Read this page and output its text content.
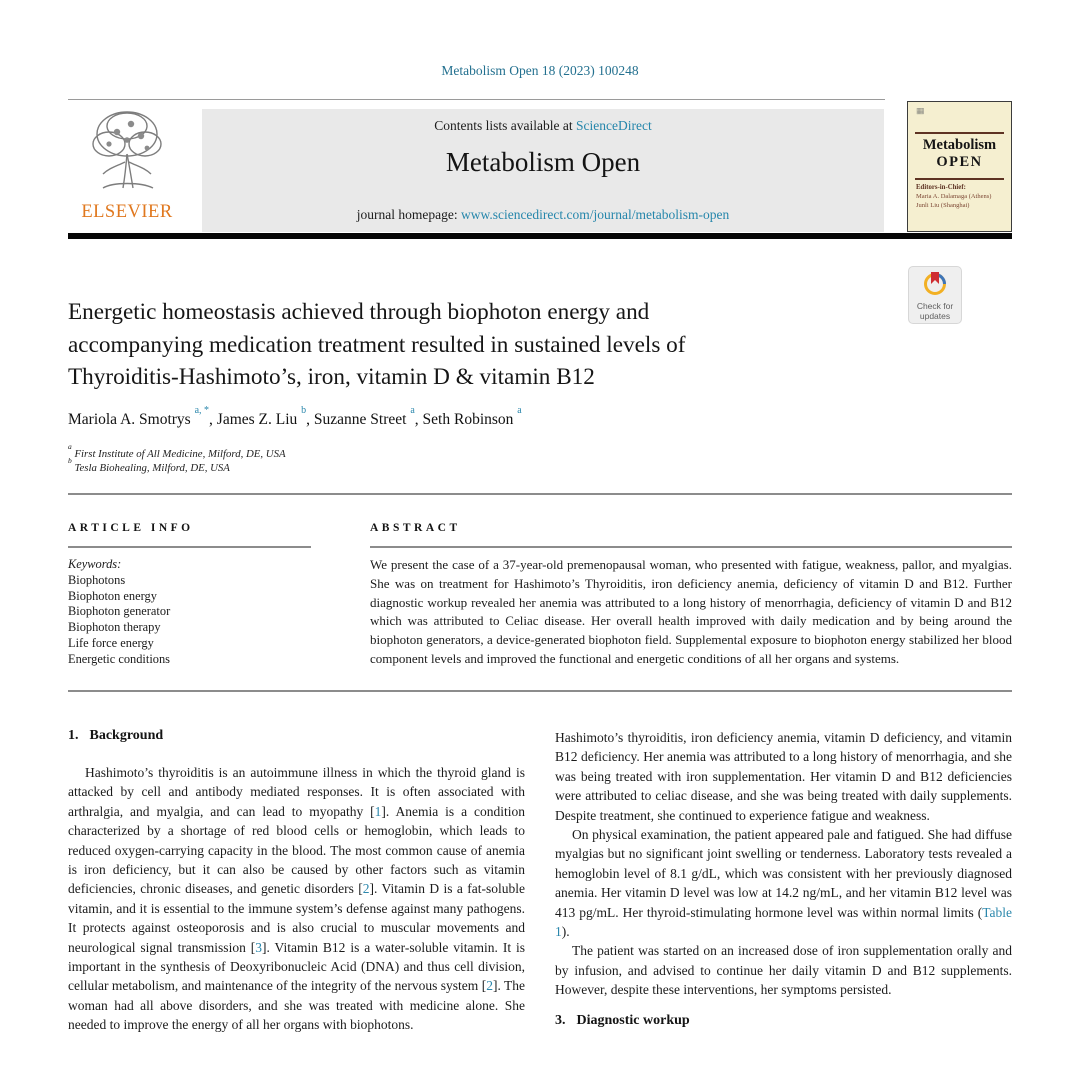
Metabolism Open 18 (2023) 100248
ELSEVIER
Contents lists available at ScienceDirect
Metabolism Open
journal homepage: www.sciencedirect.com/journal/metabolism-open
▦
Metabolism
OPEN
Editors-in-Chief:
Maria A. Dalamaga (Athens)
Junli Liu (Shanghai)
Check for
updates
Energetic homeostasis achieved through biophoton energy and
accompanying medication treatment resulted in sustained levels of
Thyroiditis-Hashimoto’s, iron, vitamin D & vitamin B12
Mariola A. Smotrys $^{a, *}$, James Z. Liu $^b$, Suzanne Street $^a$, Seth Robinson $^a$
$^a$ First Institute of All Medicine, Milford, DE, USA
$^b$ Tesla Biohealing, Milford, DE, USA
ARTICLE INFO	ABSTRACT
Keywords:
Biophotons
Biophoton energy
Biophoton generator
Biophoton therapy
Life force energy
Energetic conditions
We present the case of a 37-year-old premenopausal woman, who presented with fatigue, weakness, pallor, and myalgias. She was on treatment for Hashimoto’s Thyroiditis, iron deficiency anemia, deficiency of vitamin D and B12. Further diagnostic workup revealed her anemia was attributed to a long history of menorrhagia, deficiency of vitamin D and B12 which was attributed to Celiac disease. Her overall health improved with daily medication and by being around the biophoton generators, a device-generated biophoton field. Supplemental exposure to biophoton energy stabilized her blood component levels and improved the functional and energetic conditions of all her organs and systems.
1. Background

Hashimoto’s thyroiditis is an autoimmune illness in which the thyroid gland is attacked by cell and antibody mediated responses. It is often associated with arthralgia, and myalgia, and can lead to myopathy [1]. Anemia is a condition characterized by a shortage of red blood cells or hemoglobin, which leads to reduced oxygen-carrying capacity in the blood. The most common cause of anemia is iron deficiency, but it can also be caused by other factors such as vitamin deficiencies, chronic diseases, and genetic disorders [2]. Vitamin D is a fat-soluble vitamin, and it is essential to the immune system’s defense against many pathogens. It protects against osteoporosis and is also crucial to muscular movements and neurological signal transmission [3]. Vitamin B12 is a water-soluble vitamin. It is important in the synthesis of Deoxyribonucleic Acid (DNA) and thus cell division, cellular metabolism, and maintenance of the integrity of the nervous system [2]. The woman had all above disorders, and she was treated with medicine alone. She needed to improve the energy of all her organs with biophotons.

Hashimoto’s thyroiditis, iron deficiency anemia, vitamin D deficiency, and vitamin B12 deficiency. Her anemia was attributed to a long history of menorrhagia, and she was being treated with iron supplementation. Her vitamin D and B12 deficiencies were attributed to celiac disease, and she was being treated with daily supplements. Despite treatment, she continued to experience fatigue and weakness.

On physical examination, the patient appeared pale and fatigued. She had diffuse myalgias but no significant joint swelling or tenderness. Laboratory tests revealed a hemoglobin level of 8.1 g/dL, which was consistent with her previously diagnosed anemia. Her vitamin D level was low at 14.2 ng/mL, and her vitamin B12 level was 413 pg/mL. Her thyroid-stimulating hormone level was within normal limits (Table 1).

The patient was started on an increased dose of iron supplementation orally and by infusion, and advised to continue her daily vitamin D and B12 supplements. However, despite these interventions, her symptoms persisted.

3. Diagnostic workup
